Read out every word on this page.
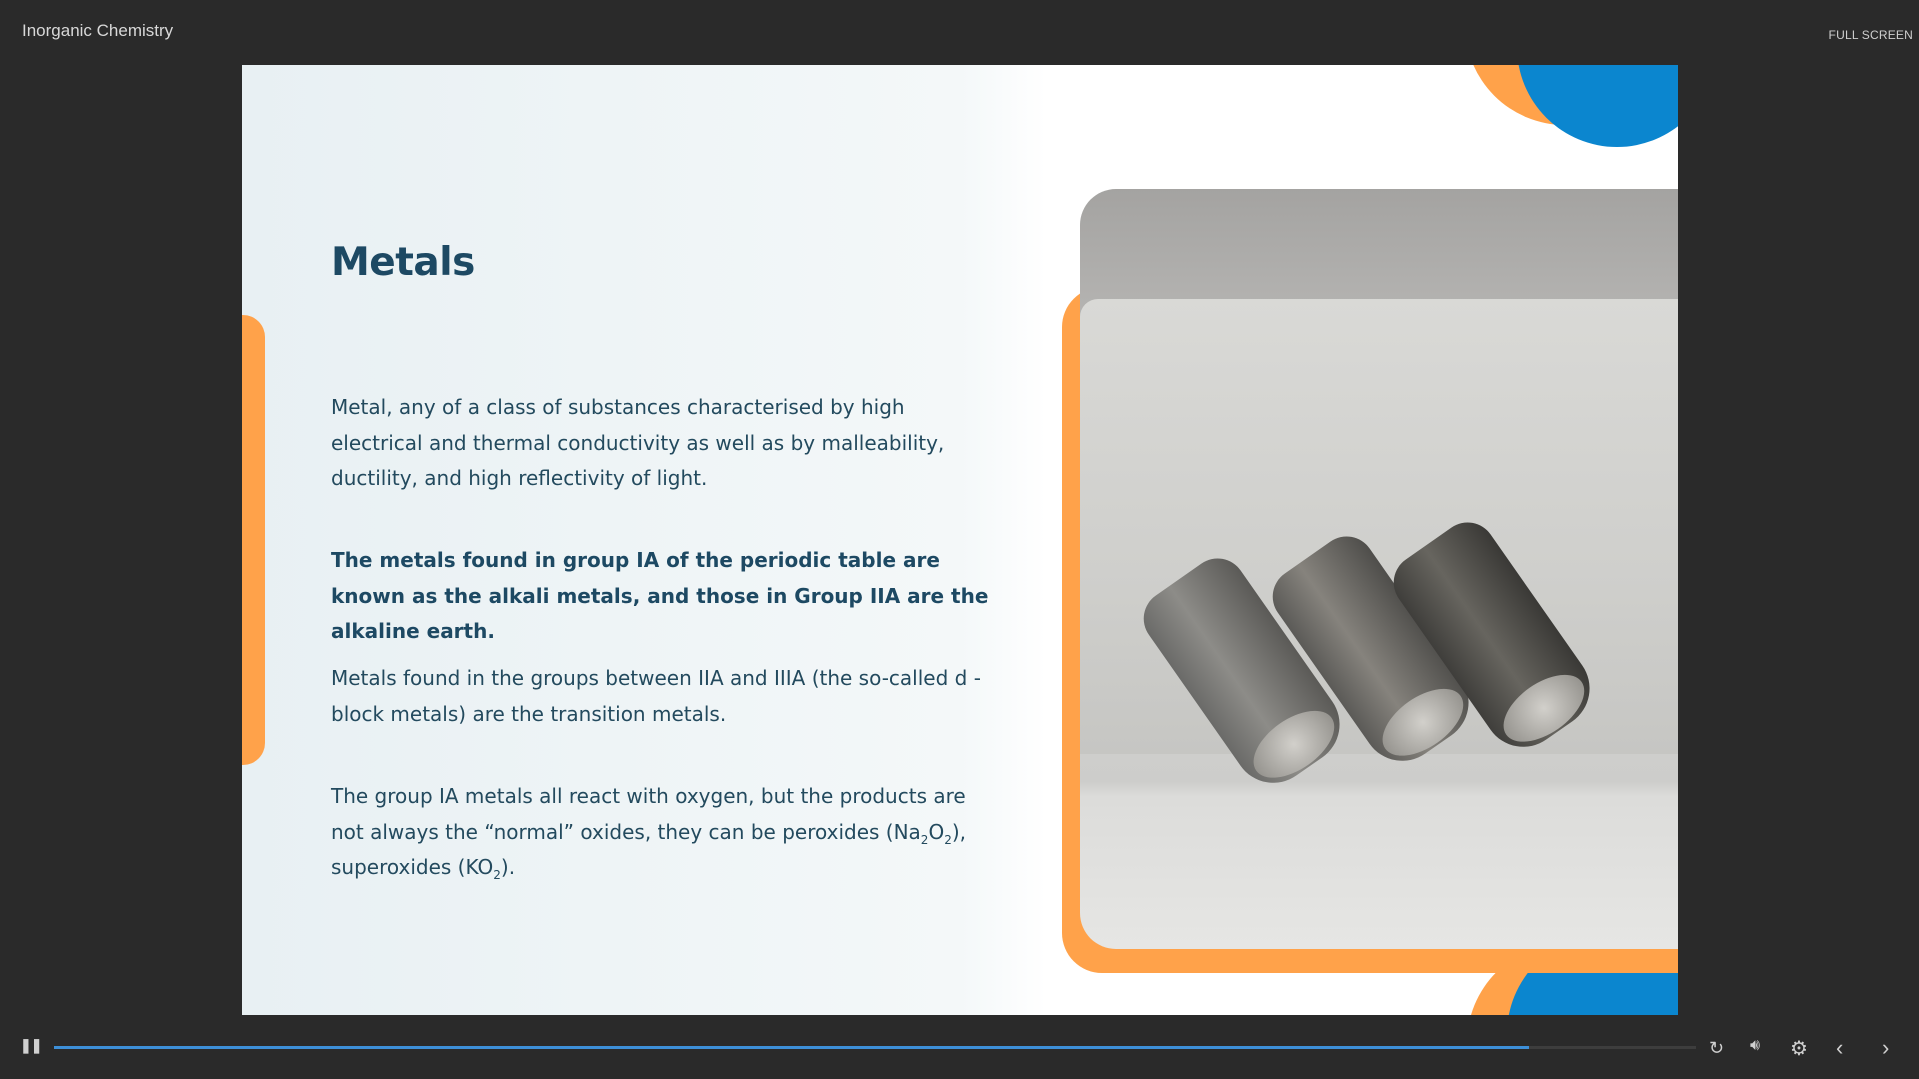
Inorganic Chemistry	FULL SCREEN
Metals

Metal, any of a class of substances characterised by high electrical and thermal conductivity as well as by malleability, ductility, and high reflectivity of light.

The metals found in group IA of the periodic table are known as the alkali metals, and those in Group IIA are the alkaline earth.

Metals found in the groups between IIA and IIIA (the so-called d - block metals) are the transition metals.

The group IA metals all react with oxygen, but the products are not always the “normal” oxides, they can be peroxides $(Na_2O_2)$, superoxides $(KO_2)$.

❚❚	↻ 🔊︎ ⚙ ‹ ›
